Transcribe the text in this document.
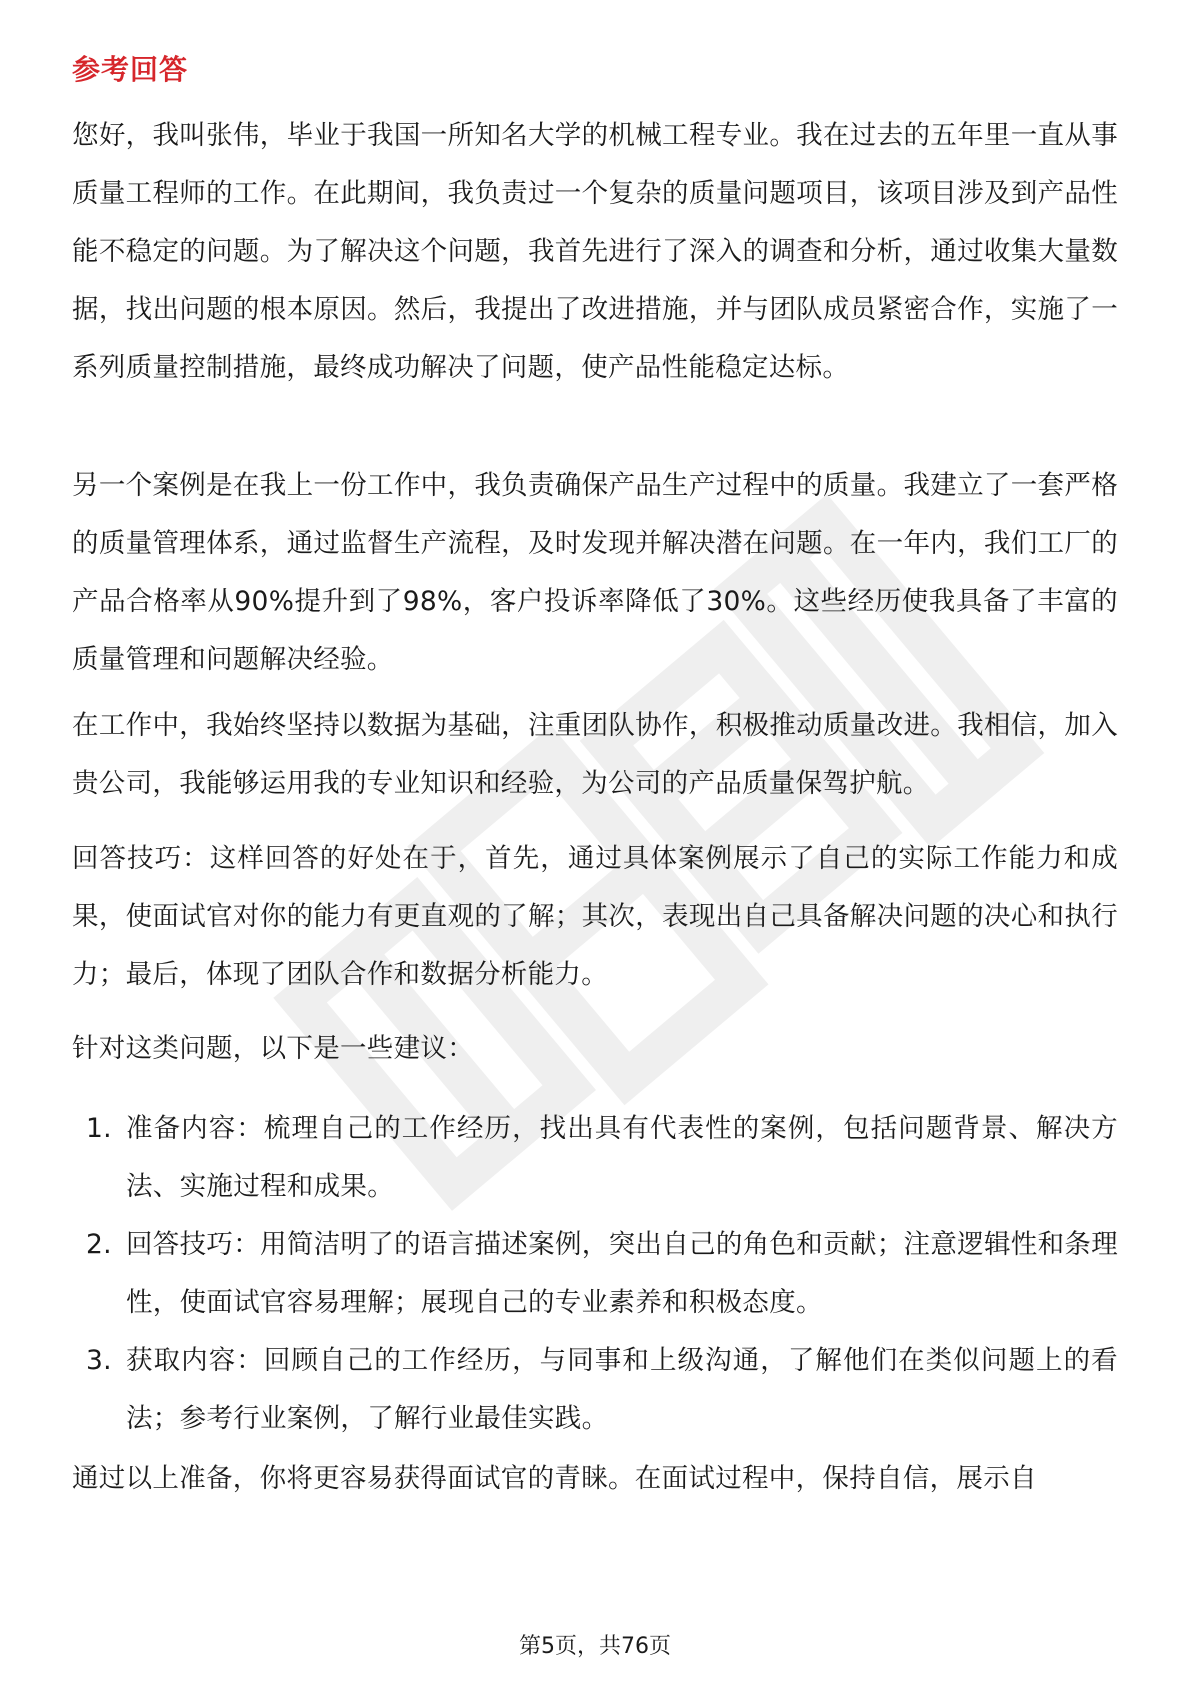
参考回答

您好，我叫张伟，毕业于我国一所知名大学的机械工程专业。我在过去的五年里一直从事质量工程师的工作。在此期间，我负责过一个复杂的质量问题项目，该项目涉及到产品性能不稳定的问题。为了解决这个问题，我首先进行了深入的调查和分析，通过收集大量数据，找出问题的根本原因。然后，我提出了改进措施，并与团队成员紧密合作，实施了一系列质量控制措施，最终成功解决了问题，使产品性能稳定达标。

另一个案例是在我上一份工作中，我负责确保产品生产过程中的质量。我建立了一套严格的质量管理体系，通过监督生产流程，及时发现并解决潜在问题。在一年内，我们工厂的产品合格率从90%提升到了98%，客户投诉率降低了30%。这些经历使我具备了丰富的质量管理和问题解决经验。

在工作中，我始终坚持以数据为基础，注重团队协作，积极推动质量改进。我相信，加入贵公司，我能够运用我的专业知识和经验，为公司的产品质量保驾护航。

回答技巧：这样回答的好处在于，首先，通过具体案例展示了自己的实际工作能力和成果，使面试官对你的能力有更直观的了解；其次，表现出自己具备解决问题的决心和执行力；最后，体现了团队合作和数据分析能力。

针对这类问题，以下是一些建议：

1. 准备内容：梳理自己的工作经历，找出具有代表性的案例，包括问题背景、解决方法、实施过程和成果。
2. 回答技巧：用简洁明了的语言描述案例，突出自己的角色和贡献；注意逻辑性和条理性，使面试官容易理解；展现自己的专业素养和积极态度。
3. 获取内容：回顾自己的工作经历，与同事和上级沟通，了解他们在类似问题上的看法；参考行业案例，了解行业最佳实践。

通过以上准备，你将更容易获得面试官的青睐。在面试过程中，保持自信，展示自

第5页，共76页
